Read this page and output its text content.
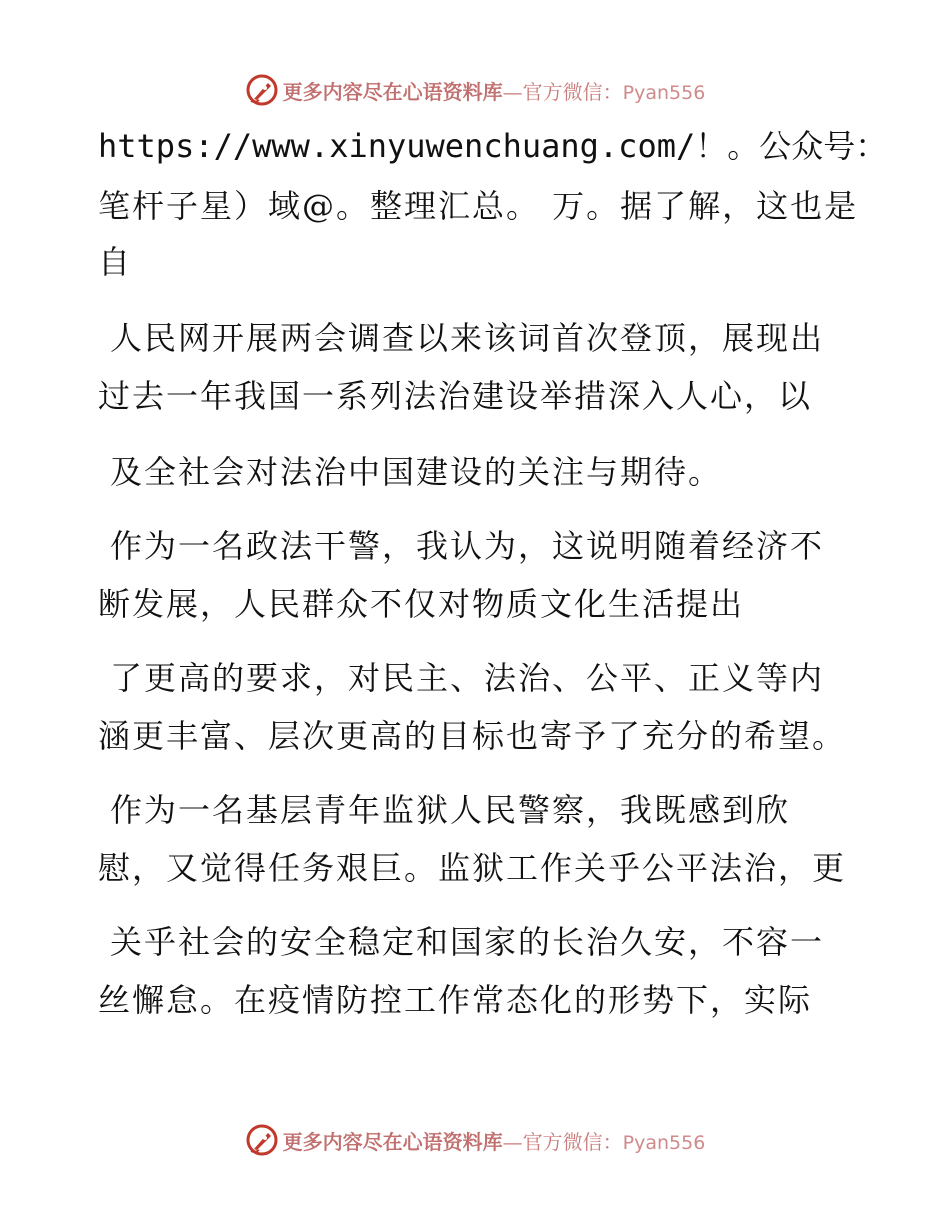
更多内容尽在心语资料库—官方微信：Pyan556
https://www.xinyuwenchuang.com/！。公众号：
笔杆子星）域@。整理汇总。 万。据了解，这也是
自
人民网开展两会调查以来该词首次登顶，展现出
过去一年我国一系列法治建设举措深入人心，以
及全社会对法治中国建设的关注与期待。
作为一名政法干警，我认为，这说明随着经济不
断发展，人民群众不仅对物质文化生活提出
了更高的要求，对民主、法治、公平、正义等内
涵更丰富、层次更高的目标也寄予了充分的希望。
作为一名基层青年监狱人民警察，我既感到欣
慰，又觉得任务艰巨。监狱工作关乎公平法治，更
关乎社会的安全稳定和国家的长治久安，不容一
丝懈怠。在疫情防控工作常态化的形势下，实际
更多内容尽在心语资料库—官方微信：Pyan556
